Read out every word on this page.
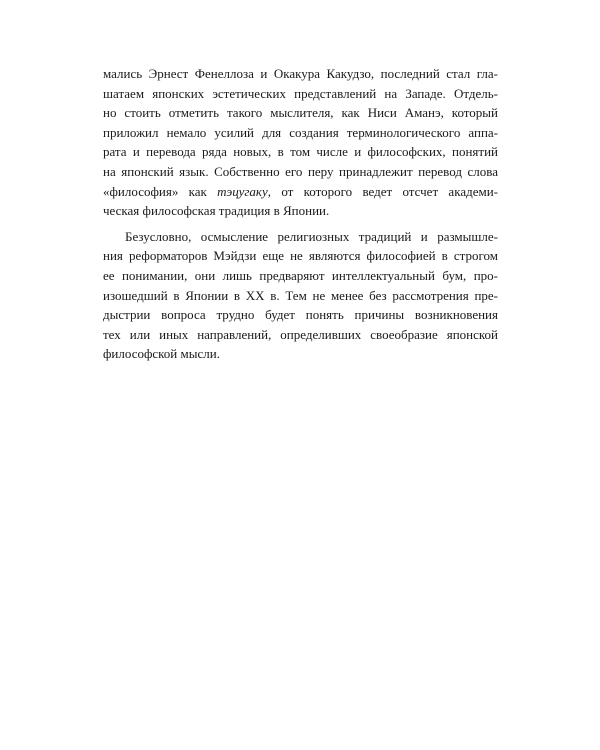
мались Эрнест Фенеллоза и Окакура Какудзо, последний стал гла-
шатаем японских эстетических представлений на Западе. Отдель-
но стоить отметить такого мыслителя, как Ниси Аманэ, который
приложил немало усилий для создания терминологического аппа-
рата и перевода ряда новых, в том числе и философских, понятий
на японский язык. Собственно его перу принадлежит перевод слова
«философия» как тэцугаку, от которого ведет отсчет академи-
ческая философская традиция в Японии.
Безусловно, осмысление религиозных традиций и размышле-
ния реформаторов Мэйдзи еще не являются философией в строгом
ее понимании, они лишь предваряют интеллектуальный бум, про-
изошедший в Японии в XX в. Тем не менее без рассмотрения пре-
дыстрии вопроса трудно будет понять причины возникновения
тех или иных направлений, определивших своеобразие японской
философской мысли.
